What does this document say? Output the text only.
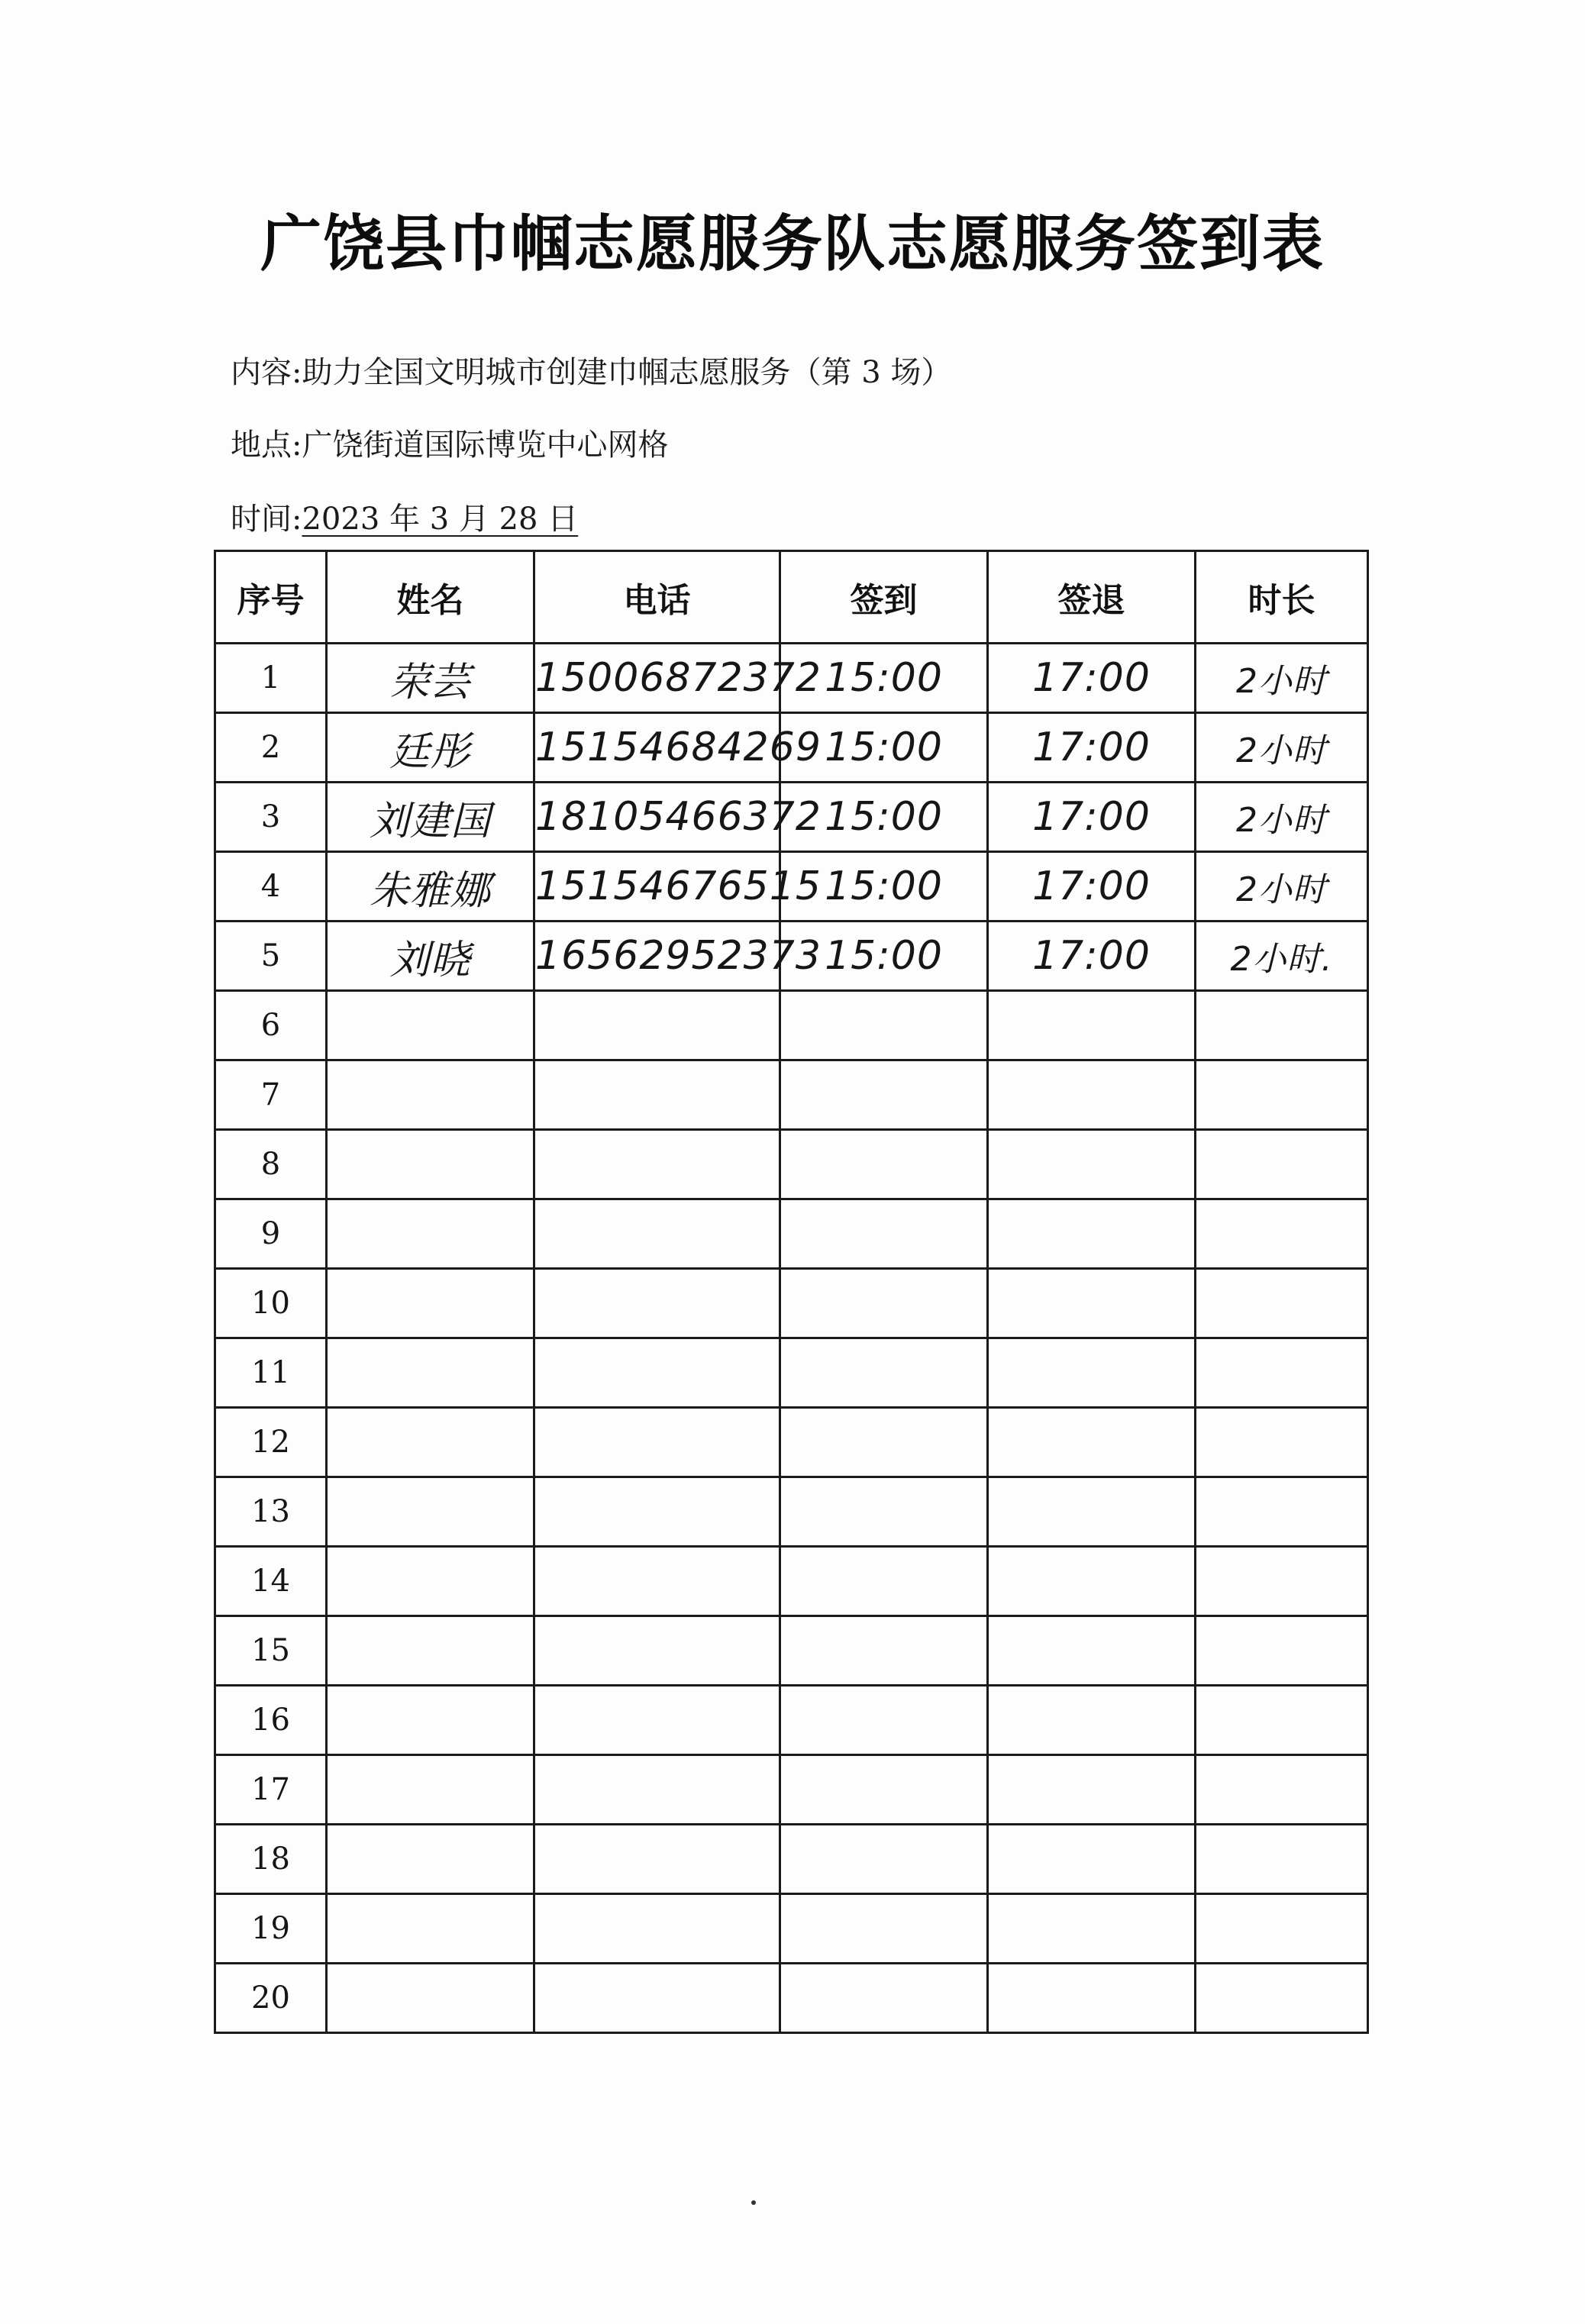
广饶县巾帼志愿服务队志愿服务签到表
内容:助力全国文明城市创建巾帼志愿服务（第 3 场）
地点:广饶街道国际博览中心网格
时间:2023 年 3 月 28 日
序号	姓名	电话	签到	签退	时长
1	荣芸	15006872372	15:00	17:00	2小时
2	廷彤	15154684269	15:00	17:00	2小时
3	刘建国	18105466372	15:00	17:00	2小时
4	朱雅娜	15154676515	15:00	17:00	2小时
5	刘晓	16562952373	15:00	17:00	2小时.
6					
7					
8					
9					
10					
11					
12					
13					
14					
15					
16					
17					
18					
19					
20					
